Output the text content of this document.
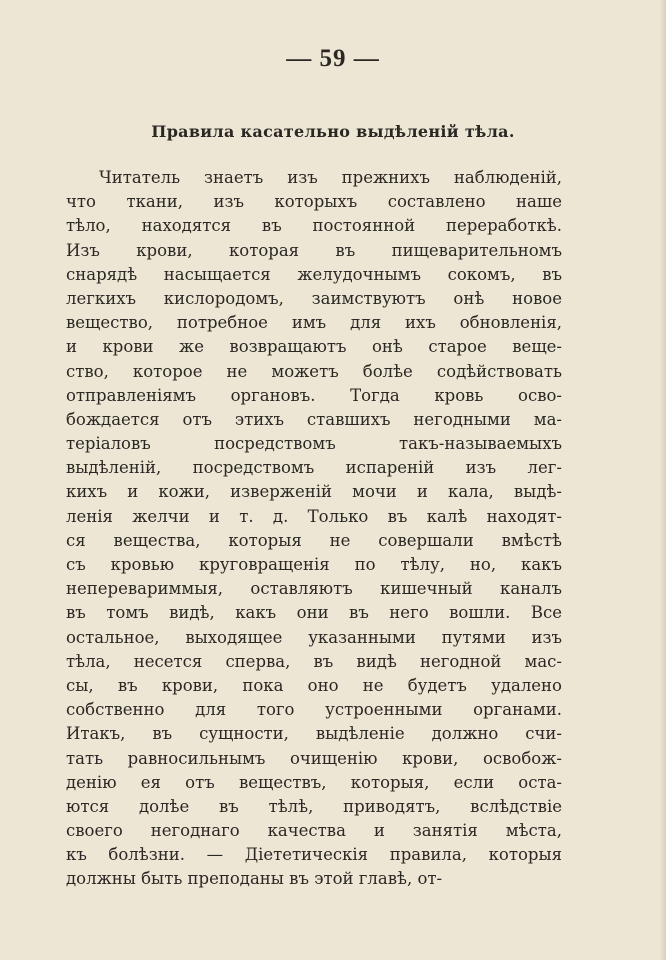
— 59 —
Правила касательно выдѣленій тѣла.
Читатель знаетъ изъ прежнихъ наблюденій,
что ткани, изъ которыхъ составлено наше
тѣло, находятся въ постоянной переработкѣ.
Изъ крови, которая въ пищеварительномъ
снарядѣ насыщается желудочнымъ сокомъ, въ
легкихъ кислородомъ, заимствуютъ онѣ новое
вещество, потребное имъ для ихъ обновленія,
и крови же возвращаютъ онѣ старое веще-
ство, которое не можетъ болѣе содѣйствовать
отправленіямъ органовъ. Тогда кровь осво-
бождается отъ этихъ ставшихъ негодными ма-
теріаловъ посредствомъ такъ-называемыхъ
выдѣленій, посредствомъ испареній изъ лег-
кихъ и кожи, изверженій мочи и кала, выдѣ-
ленія желчи и т. д. Только въ калѣ находят-
ся вещества, которыя не совершали вмѣстѣ
съ кровью круговращенія по тѣлу, но, какъ
неперевариммыя, оставляютъ кишечный каналъ
въ томъ видѣ, какъ они въ него вошли. Все
остальное, выходящее указанными путями изъ
тѣла, несется сперва, въ видѣ негодной мас-
сы, въ крови, пока оно не будетъ удалено
собственно для того устроенными органами.
Итакъ, въ сущности, выдѣленіе должно счи-
тать равносильнымъ очищенію крови, освобож-
денію ея отъ веществъ, которыя, если оста-
ются долѣе въ тѣлѣ, приводятъ, вслѣдствіе
своего негоднаго качества и занятія мѣста,
къ болѣзни. — Діететическія правила, которыя
должны быть преподаны въ этой главѣ, от-
